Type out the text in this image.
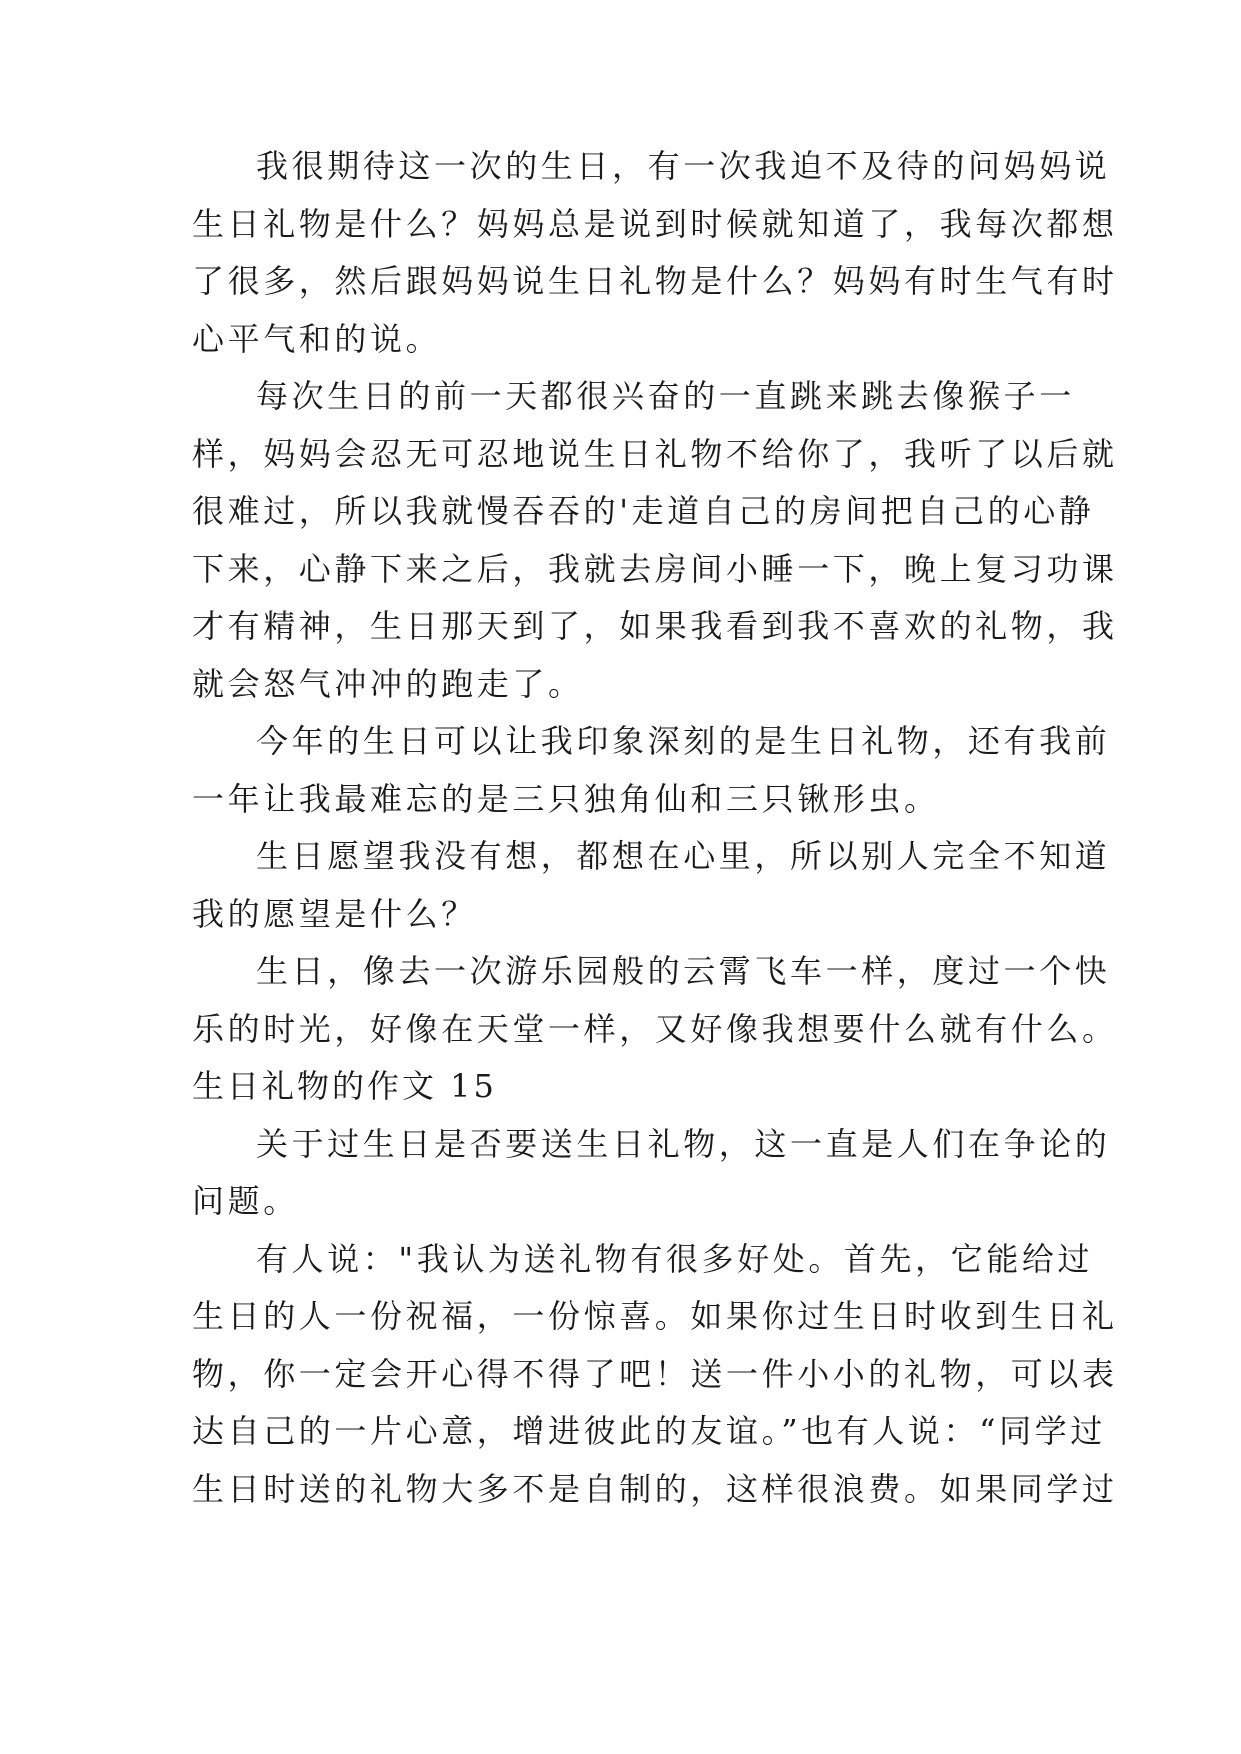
我很期待这一次的生日，有一次我迫不及待的问妈妈说

生日礼物是什么？妈妈总是说到时候就知道了，我每次都想

了很多，然后跟妈妈说生日礼物是什么？妈妈有时生气有时

心平气和的说。

每次生日的前一天都很兴奋的一直跳来跳去像猴子一

样，妈妈会忍无可忍地说生日礼物不给你了，我听了以后就

很难过，所以我就慢吞吞的'走道自己的房间把自己的心静

下来，心静下来之后，我就去房间小睡一下，晚上复习功课

才有精神，生日那天到了，如果我看到我不喜欢的礼物，我

就会怒气冲冲的跑走了。

今年的生日可以让我印象深刻的是生日礼物，还有我前

一年让我最难忘的是三只独角仙和三只锹形虫。

生日愿望我没有想，都想在心里，所以别人完全不知道

我的愿望是什么？

生日，像去一次游乐园般的云霄飞车一样，度过一个快

乐的时光，好像在天堂一样，又好像我想要什么就有什么。

生日礼物的作文 15

关于过生日是否要送生日礼物，这一直是人们在争论的

问题。

有人说："我认为送礼物有很多好处。首先，它能给过

生日的人一份祝福，一份惊喜。如果你过生日时收到生日礼

物，你一定会开心得不得了吧！送一件小小的礼物，可以表

达自己的一片心意，增进彼此的友谊。”也有人说：“同学过

生日时送的礼物大多不是自制的，这样很浪费。如果同学过
